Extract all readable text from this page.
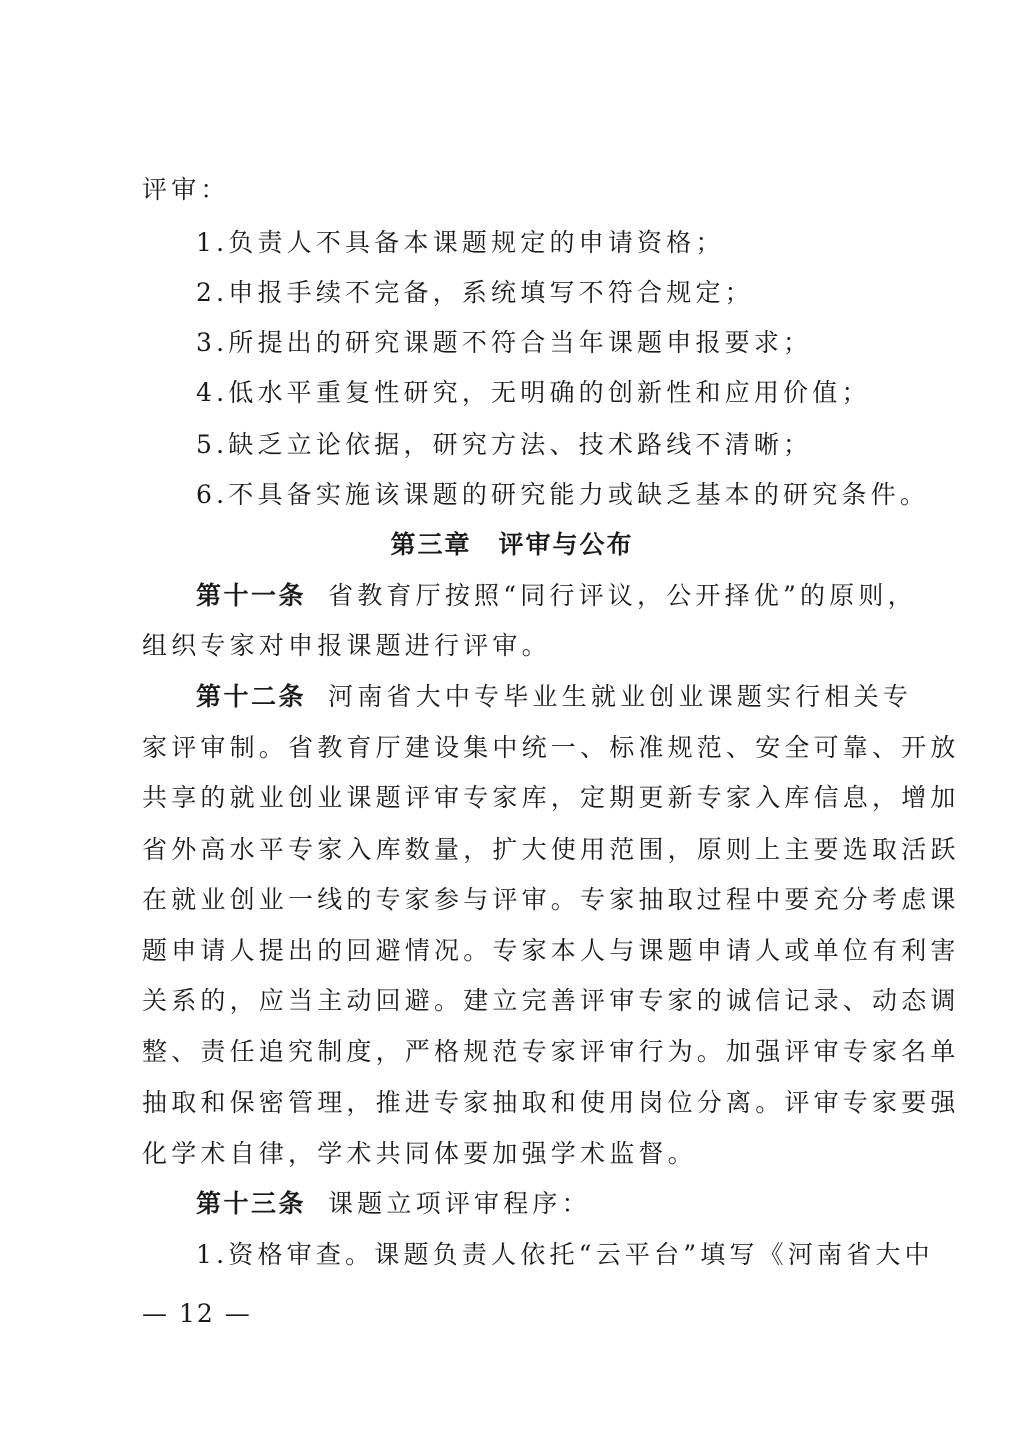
评审：
1.负责人不具备本课题规定的申请资格；
2.申报手续不完备，系统填写不符合规定；
3.所提出的研究课题不符合当年课题申报要求；
4.低水平重复性研究，无明确的创新性和应用价值；
5.缺乏立论依据，研究方法、技术路线不清晰；
6.不具备实施该课题的研究能力或缺乏基本的研究条件。
第三章　评审与公布
第十一条 省教育厅按照“同行评议，公开择优”的原则，
组织专家对申报课题进行评审。
第十二条 河南省大中专毕业生就业创业课题实行相关专
家评审制。省教育厅建设集中统一、标准规范、安全可靠、开放
共享的就业创业课题评审专家库，定期更新专家入库信息，增加
省外高水平专家入库数量，扩大使用范围，原则上主要选取活跃
在就业创业一线的专家参与评审。专家抽取过程中要充分考虑课
题申请人提出的回避情况。专家本人与课题申请人或单位有利害
关系的，应当主动回避。建立完善评审专家的诚信记录、动态调
整、责任追究制度，严格规范专家评审行为。加强评审专家名单
抽取和保密管理，推进专家抽取和使用岗位分离。评审专家要强
化学术自律，学术共同体要加强学术监督。
第十三条 课题立项评审程序：
1.资格审查。课题负责人依托“云平台”填写《河南省大中
— 12 —
